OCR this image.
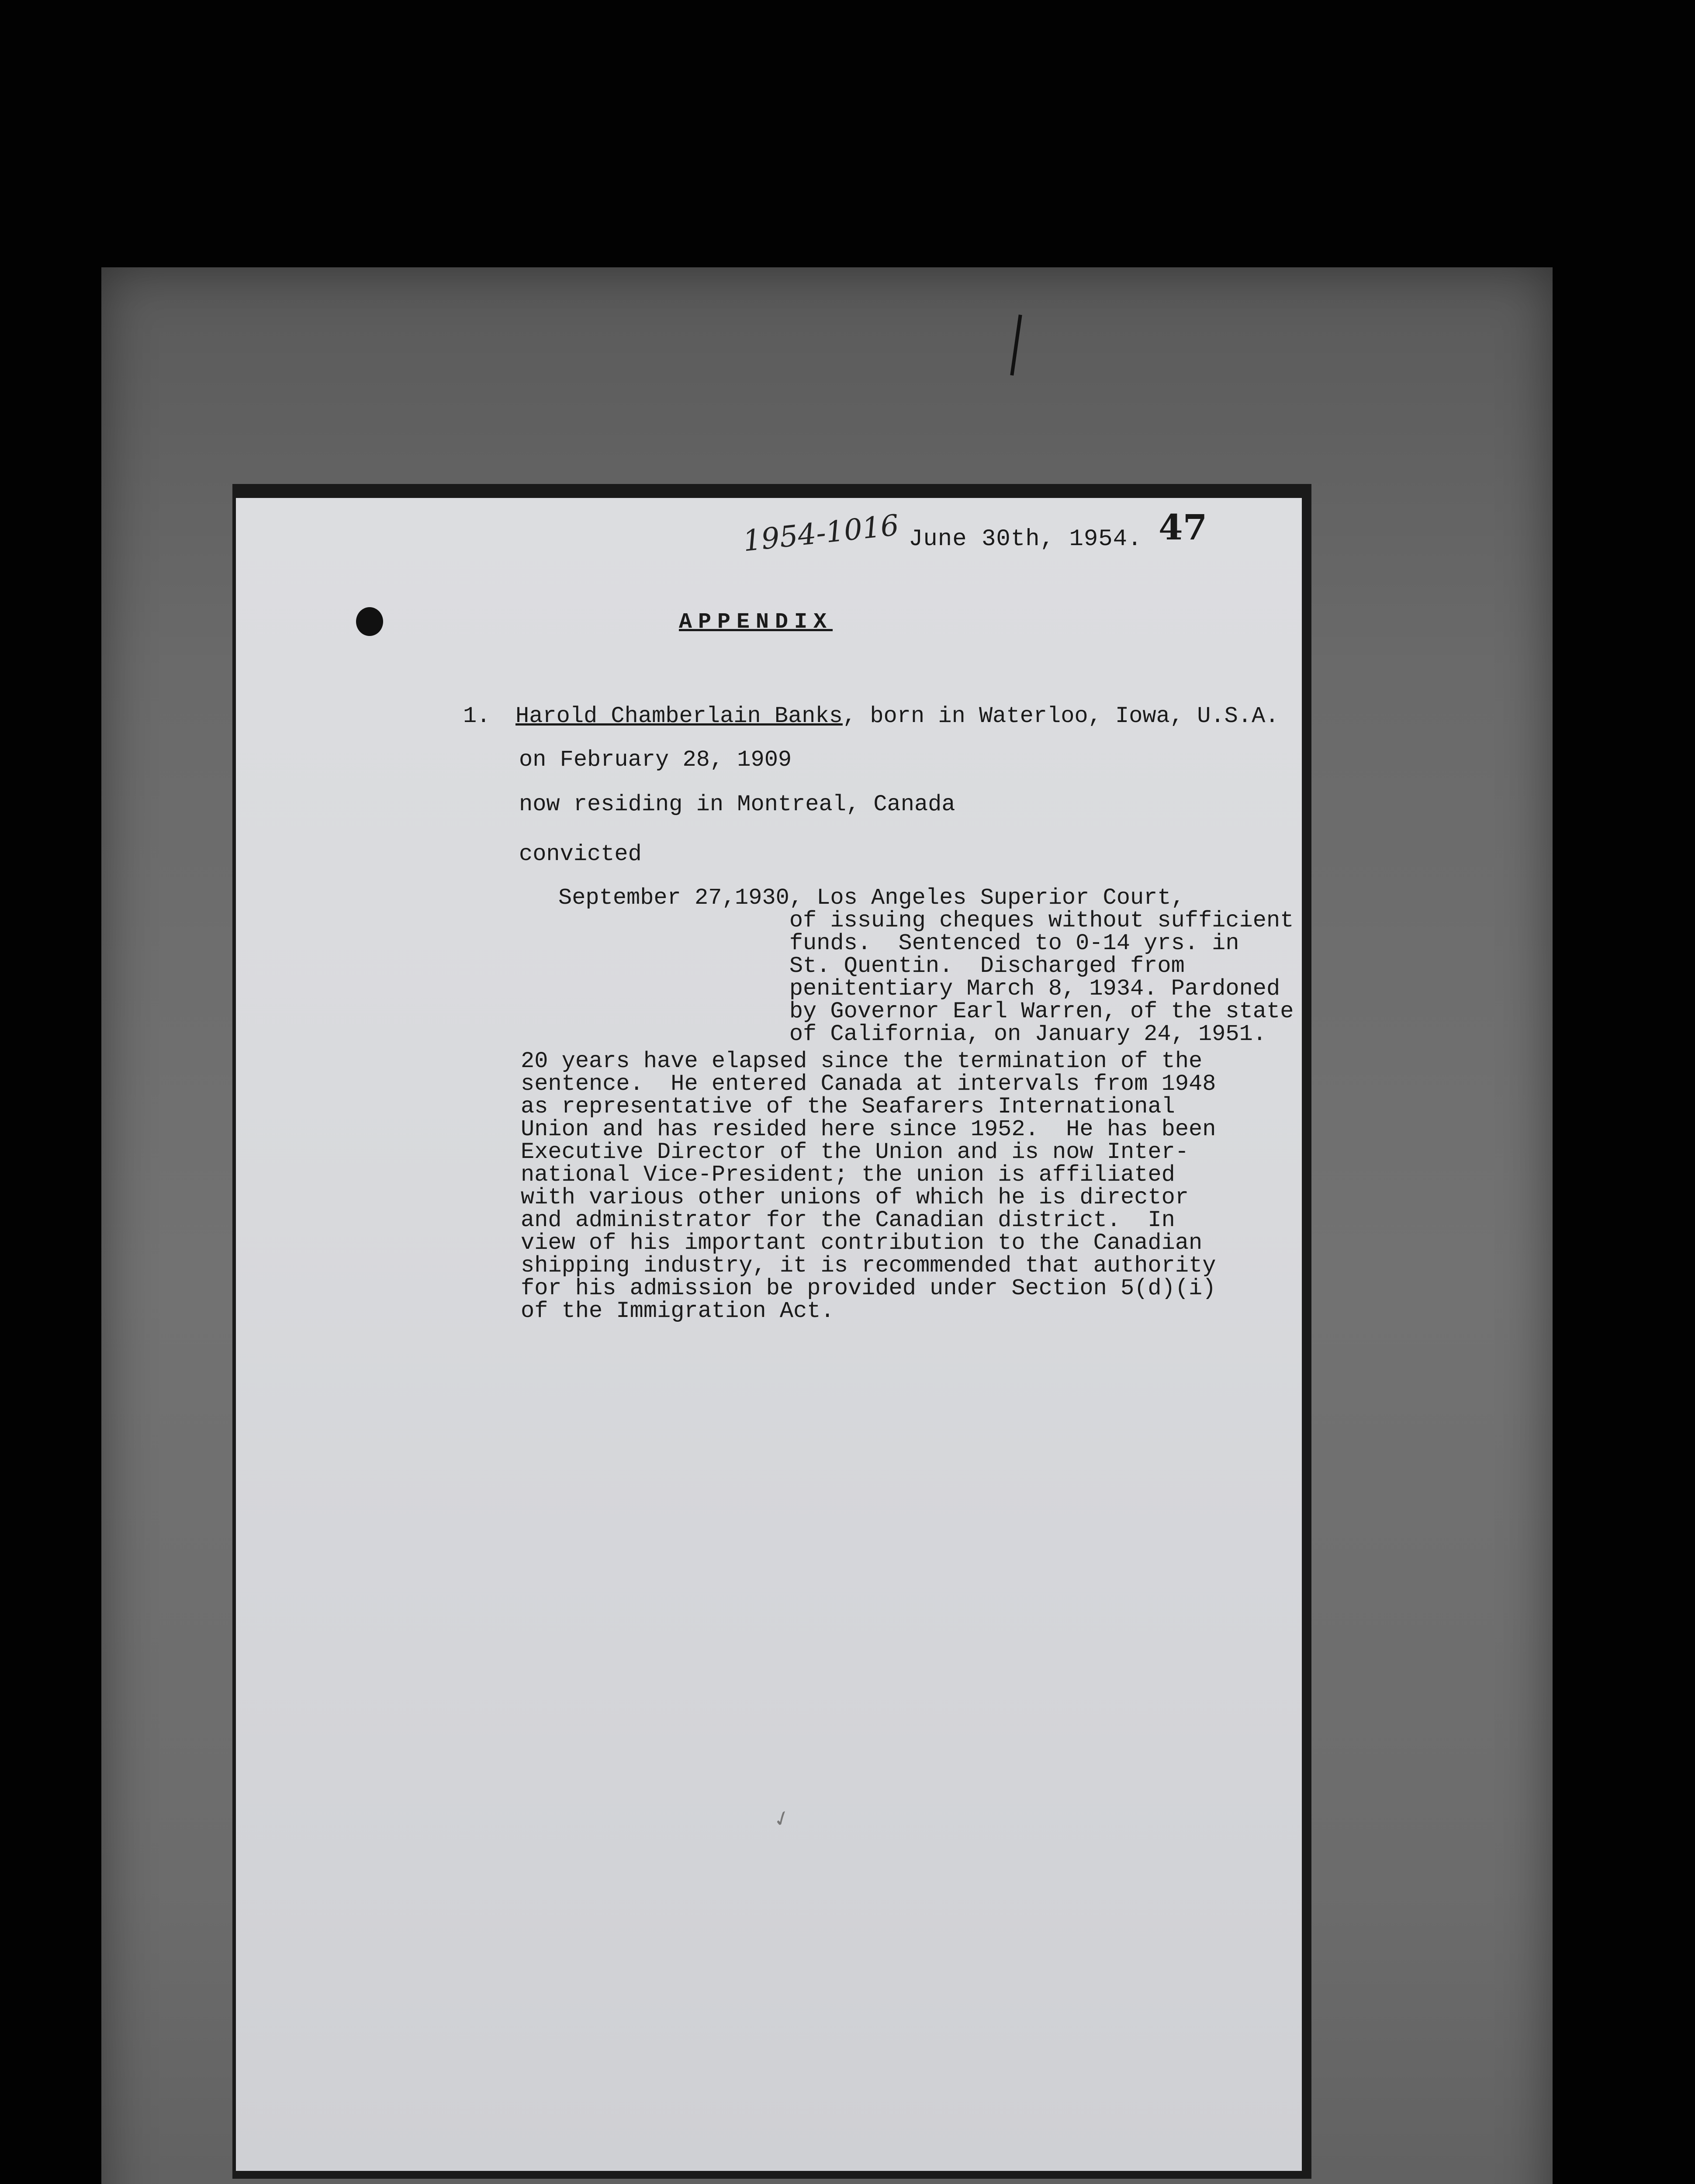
1954-1016 June 30th, 1954. 47
APPENDIX
1. Harold Chamberlain Banks, born in Waterloo, Iowa, U.S.A.
on February 28, 1909
now residing in Montreal, Canada
convicted
September 27,
1930, Los Angeles Superior Court,
of issuing cheques without sufficient
funds.  Sentenced to 0-14 yrs. in
St. Quentin.  Discharged from
penitentiary March 8, 1934. Pardoned
by Governor Earl Warren, of the state
of California, on January 24, 1951.
20 years have elapsed since the termination of the
sentence.  He entered Canada at intervals from 1948
as representative of the Seafarers International
Union and has resided here since 1952.  He has been
Executive Director of the Union and is now Inter-
national Vice-President; the union is affiliated
with various other unions of which he is director
and administrator for the Canadian district.  In
view of his important contribution to the Canadian
shipping industry, it is recommended that authority
for his admission be provided under Section 5(d)(i)
of the Immigration Act.
✓
